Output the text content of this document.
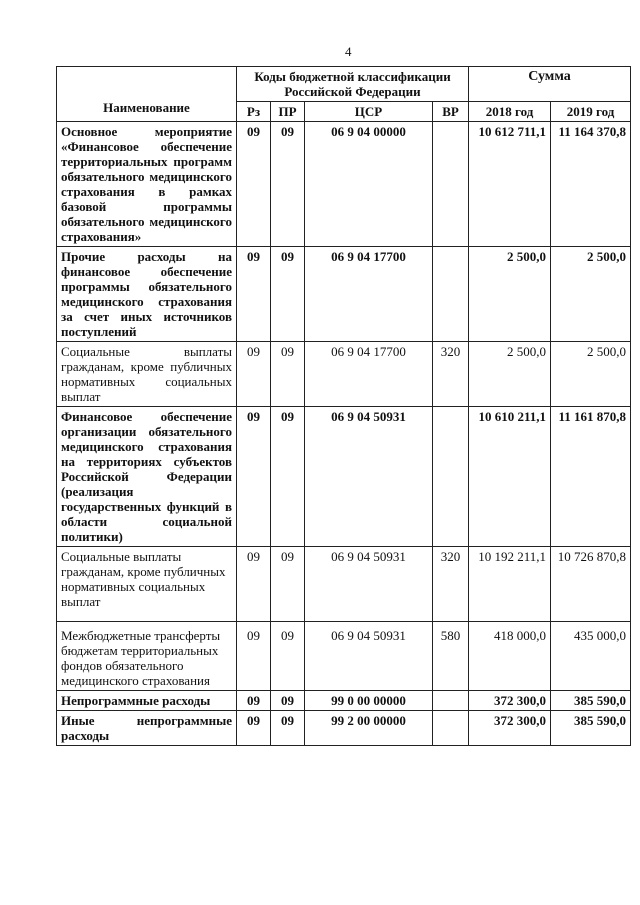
4
Наименование	Коды бюджетной классификации Российской Федерации				Сумма	
	Рз	ПР	ЦСР	ВР	2018 год	2019 год
Основное мероприятие «Финансовое обеспечение территориальных программ обязательного медицинского страхования в рамках базовой программы обязательного медицинского страхования»	09	09	06 9 04 00000		10 612 711,1	11 164 370,8
Прочие расходы на финансовое обеспечение программы обязательного медицинского страхования за счет иных источников поступлений	09	09	06 9 04 17700		2 500,0	2 500,0
Социальные выплаты гражданам, кроме публичных нормативных социальных выплат	09	09	06 9 04 17700	320	2 500,0	2 500,0
Финансовое обеспечение организации обязательного медицинского страхования на территориях субъектов Российской Федерации (реализация государственных функций в области социальной политики)	09	09	06 9 04 50931		10 610 211,1	11 161 870,8
Социальные выплаты гражданам, кроме публичных нормативных социальных выплат	09	09	06 9 04 50931	320	10 192 211,1	10 726 870,8
Межбюджетные трансферты бюджетам территориальных фондов обязательного медицинского страхования	09	09	06 9 04 50931	580	418 000,0	435 000,0
Непрограммные расходы	09	09	99 0 00 00000		372 300,0	385 590,0
Иные непрограммные расходы	09	09	99 2 00 00000		372 300,0	385 590,0
